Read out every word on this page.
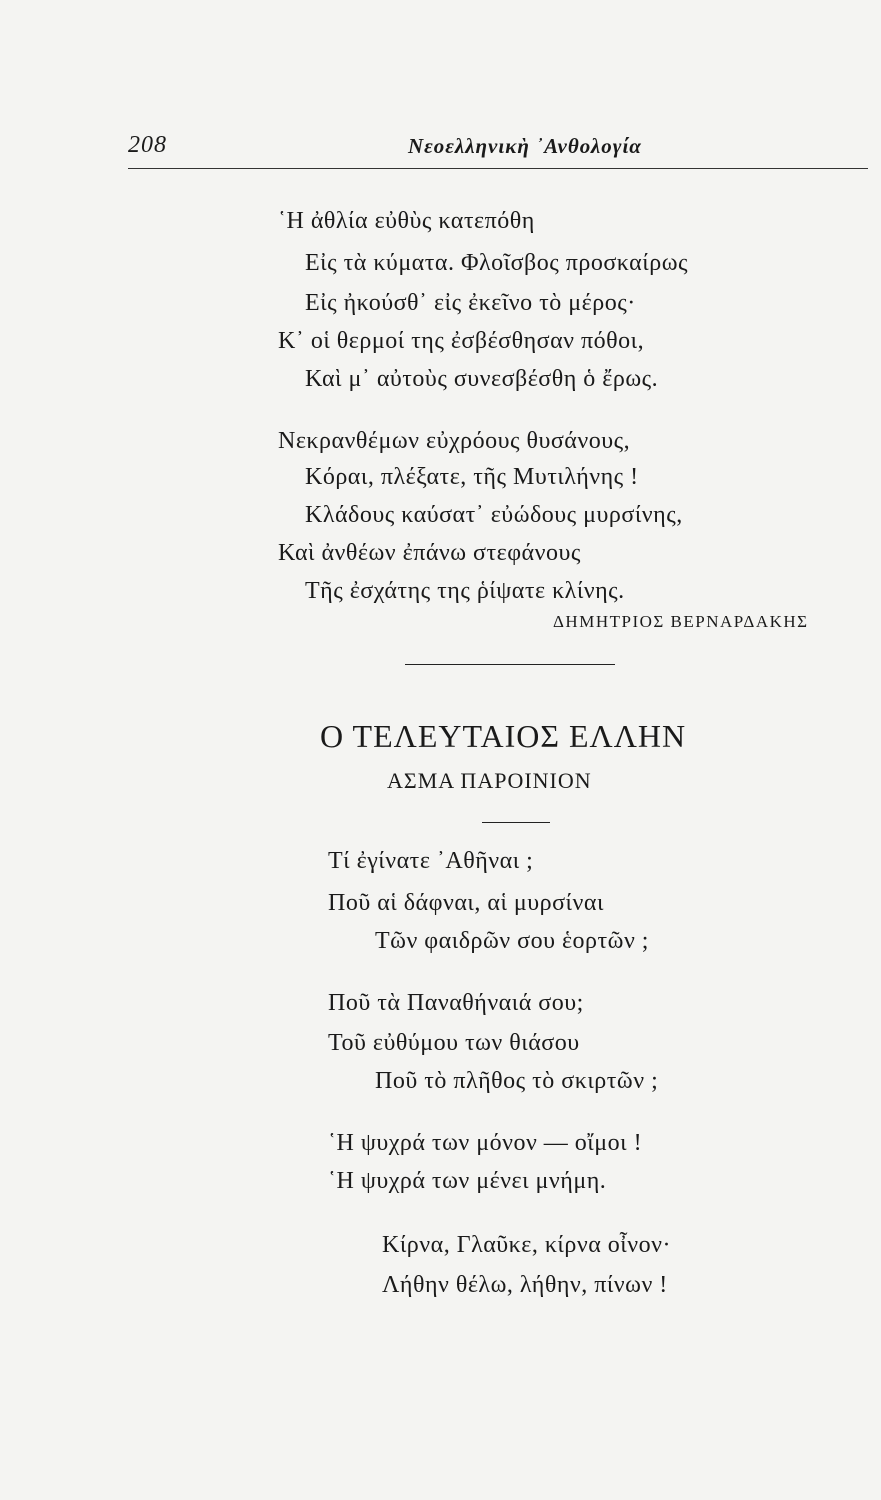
208	Νεοελληνικὴ ᾿Ανθολογία
῾Η ἀθλία εὐθὺς κατεπόθη
Εἰς τὰ κύματα. Φλοῖσβος προσκαίρως
Εἰς ἠκούσθ᾿ εἰς ἐκεῖνο τὸ μέρος·
Κ᾿ οἱ θερμοί της ἐσβέσθησαν πόθοι,
Καὶ μ᾿ αὐτοὺς συνεσβέσθη ὁ ἔρως.
Νεκρανθέμων εὐχρόους θυσάνους,
Κόραι, πλέξατε, τῆς Μυτιλήνης !
Κλάδους καύσατ᾿ εὐώδους μυρσίνης,
Καὶ ἀνθέων ἐπάνω στεφάνους
Τῆς ἐσχάτης της ῥίψατε κλίνης.
ΔΗΜΗΤΡΙΟΣ ΒΕΡΝΑΡΔΑΚΗΣ
Ο ΤΕΛΕΥΤΑΙΟΣ ΕΛΛΗΝ
ΑΣΜΑ ΠΑΡΟΙΝΙΟΝ
Τί ἐγίνατε ᾿Αθῆναι ;
Ποῦ αἱ δάφναι, αἱ μυρσίναι
Τῶν φαιδρῶν σου ἑορτῶν ;
Ποῦ τὰ Παναθήναιά σου;
Τοῦ εὐθύμου των θιάσου
Ποῦ τὸ πλῆθος τὸ σκιρτῶν ;
῾Η ψυχρά των μόνον — οἴμοι !
῾Η ψυχρά των μένει μνήμη.
Κίρνα, Γλαῦκε, κίρνα οἶνον·
Λήθην θέλω, λήθην, πίνων !
